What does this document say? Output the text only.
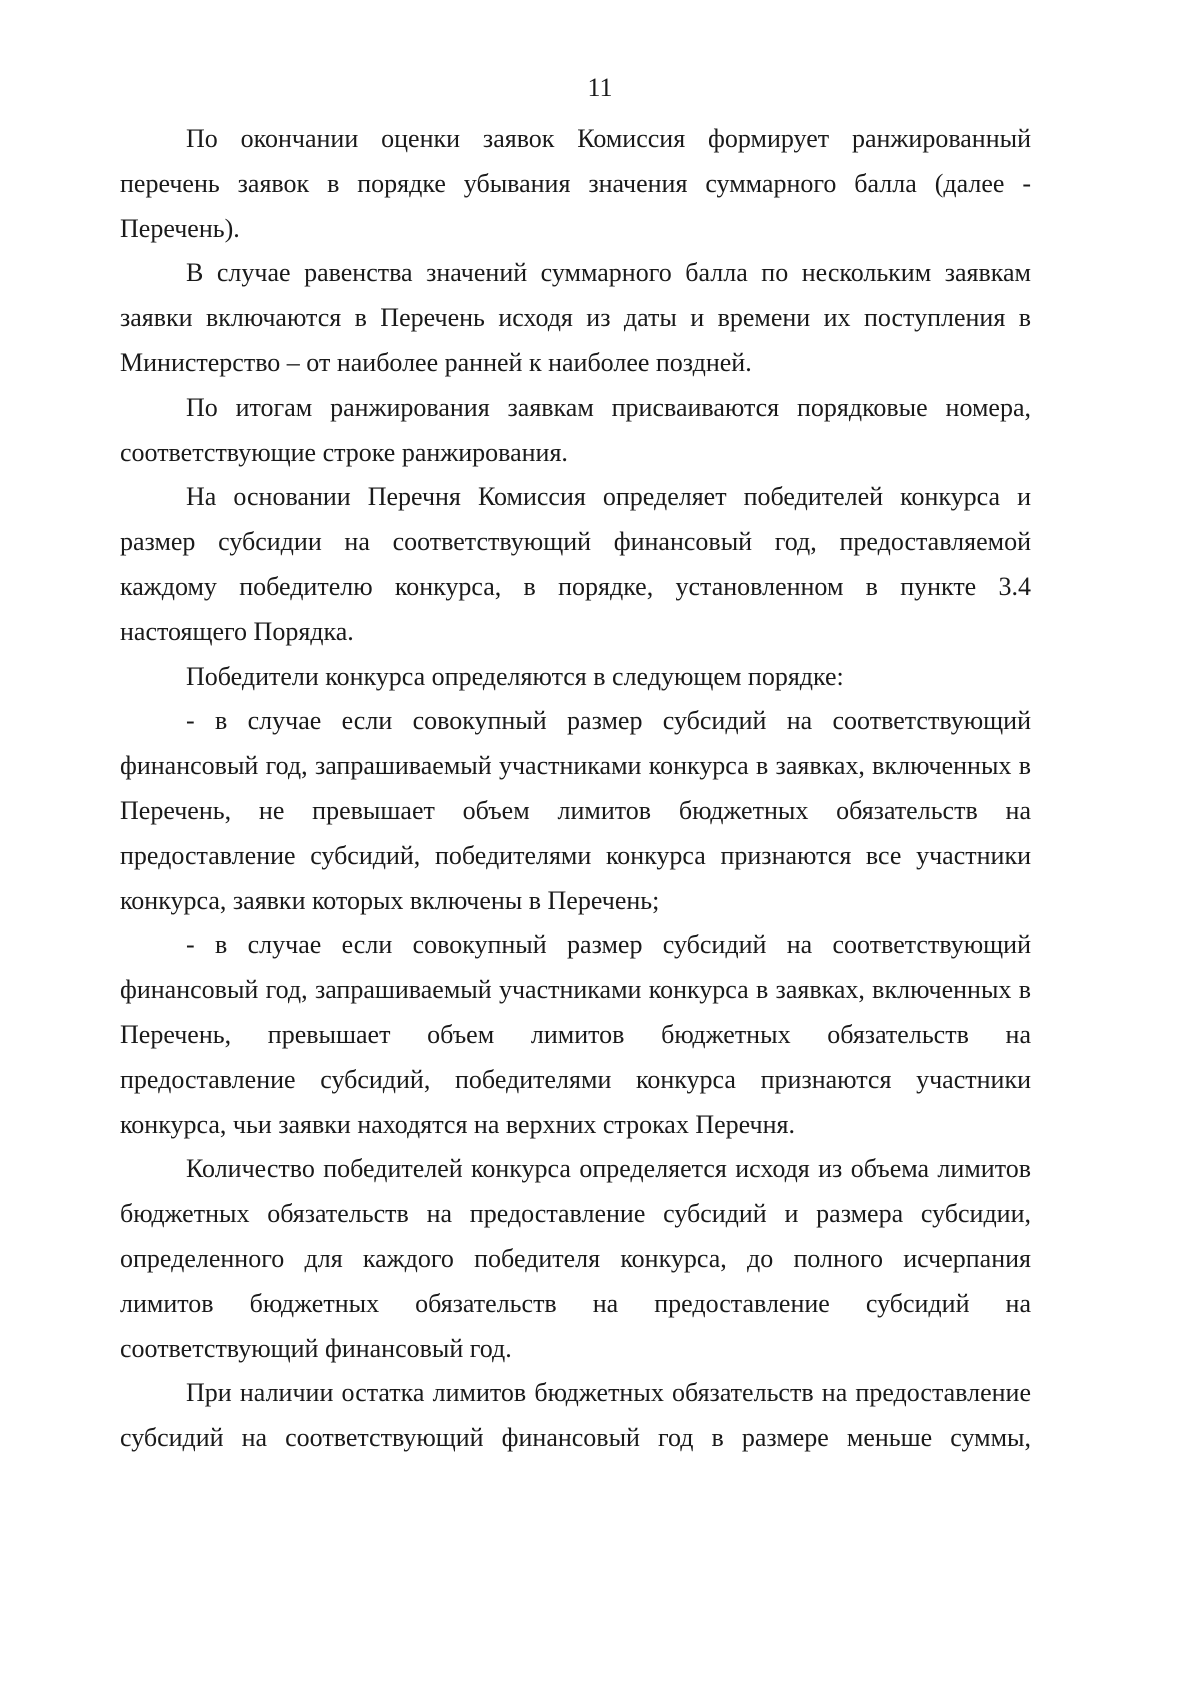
11

По окончании оценки заявок Комиссия формирует ранжированный перечень заявок в порядке убывания значения суммарного балла (далее - Перечень).

В случае равенства значений суммарного балла по нескольким заявкам заявки включаются в Перечень исходя из даты и времени их поступления в Министерство – от наиболее ранней к наиболее поздней.

По итогам ранжирования заявкам присваиваются порядковые номера, соответствующие строке ранжирования.

На основании Перечня Комиссия определяет победителей конкурса и размер субсидии на соответствующий финансовый год, предоставляемой каждому победителю конкурса, в порядке, установленном в пункте 3.4 настоящего Порядка.

Победители конкурса определяются в следующем порядке:

- в случае если совокупный размер субсидий на соответствующий финансовый год, запрашиваемый участниками конкурса в заявках, включенных в Перечень, не превышает объем лимитов бюджетных обязательств на предоставление субсидий, победителями конкурса признаются все участники конкурса, заявки которых включены в Перечень;

- в случае если совокупный размер субсидий на соответствующий финансовый год, запрашиваемый участниками конкурса в заявках, включенных в Перечень, превышает объем лимитов бюджетных обязательств на предоставление субсидий, победителями конкурса признаются участники конкурса, чьи заявки находятся на верхних строках Перечня.

Количество победителей конкурса определяется исходя из объема лимитов бюджетных обязательств на предоставление субсидий и размера субсидии, определенного для каждого победителя конкурса, до полного исчерпания лимитов бюджетных обязательств на предоставление субсидий на соответствующий финансовый год.

При наличии остатка лимитов бюджетных обязательств на предоставление субсидий на соответствующий финансовый год в размере меньше суммы,
